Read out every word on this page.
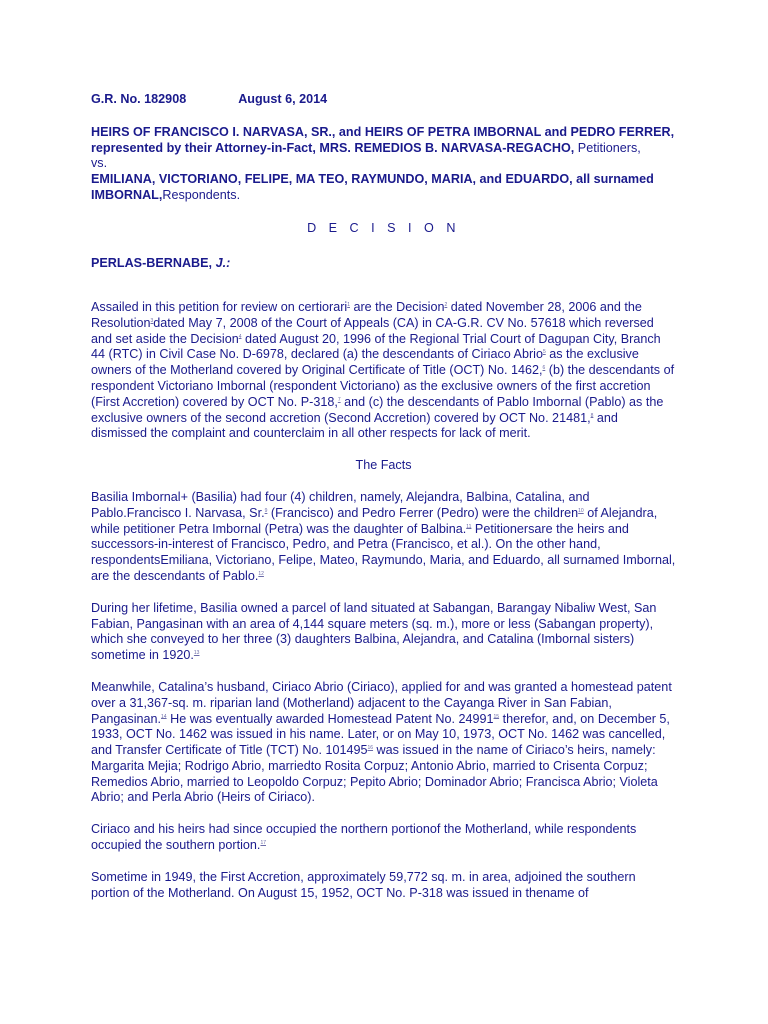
G.R. No. 182908	August 6, 2014

HEIRS OF FRANCISCO I. NARVASA, SR., and HEIRS OF PETRA IMBORNAL and PEDRO FERRER, represented by their Attorney-in-Fact, MRS. REMEDIOS B. NARVASA-REGACHO, Petitioners,

vs.

EMILIANA, VICTORIANO, FELIPE, MA TEO, RAYMUNDO, MARIA, and EDUARDO, all surnamed IMBORNAL,Respondents.

D E C I S I O N

PERLAS-BERNABE, J.:

Assailed in this petition for review on certiorari$^1$ are the Decision$^2$ dated November 28, 2006 and the Resolution$^3$dated May 7, 2008 of the Court of Appeals (CA) in CA-G.R. CV No. 57618 which reversed and set aside the Decision$^4$ dated August 20, 1996 of the Regional Trial Court of Dagupan City, Branch 44 (RTC) in Civil Case No. D-6978, declared (a) the descendants of Ciriaco Abrio$^5$ as the exclusive owners of the Motherland covered by Original Certificate of Title (OCT) No. 1462,$^6$ (b) the descendants of respondent Victoriano Imbornal (respondent Victoriano) as the exclusive owners of the first accretion (First Accretion) covered by OCT No. P-318,$^7$ and (c) the descendants of Pablo Imbornal (Pablo) as the exclusive owners of the second accretion (Second Accretion) covered by OCT No. 21481,$^8$ and dismissed the complaint and counterclaim in all other respects for lack of merit.

The Facts

Basilia Imbornal+ (Basilia) had four (4) children, namely, Alejandra, Balbina, Catalina, and Pablo.Francisco I. Narvasa, Sr.$^9$ (Francisco) and Pedro Ferrer (Pedro) were the children$^{10}$ of Alejandra, while petitioner Petra Imbornal (Petra) was the daughter of Balbina.$^{11}$ Petitionersare the heirs and successors-in-interest of Francisco, Pedro, and Petra (Francisco, et al.). On the other hand, respondentsEmiliana, Victoriano, Felipe, Mateo, Raymundo, Maria, and Eduardo, all surnamed Imbornal, are the descendants of Pablo.$^{12}$

During her lifetime, Basilia owned a parcel of land situated at Sabangan, Barangay Nibaliw West, San Fabian, Pangasinan with an area of 4,144 square meters (sq. m.), more or less (Sabangan property), which she conveyed to her three (3) daughters Balbina, Alejandra, and Catalina (Imbornal sisters) sometime in 1920.13

Meanwhile, Catalina’s husband, Ciriaco Abrio (Ciriaco), applied for and was granted a homestead patent over a 31,367-sq. m. riparian land (Motherland) adjacent to the Cayanga River in San Fabian, Pangasinan.$^{14}$ He was eventually awarded Homestead Patent No. 24991$^{15}$ therefor, and, on December 5, 1933, OCT No. 1462 was issued in his name. Later, or on May 10, 1973, OCT No. 1462 was cancelled, and Transfer Certificate of Title (TCT) No. 101495$^{16}$ was issued in the name of Ciriaco’s heirs, namely: Margarita Mejia; Rodrigo Abrio, marriedto Rosita Corpuz; Antonio Abrio, married to Crisenta Corpuz; Remedios Abrio, married to Leopoldo Corpuz; Pepito Abrio; Dominador Abrio; Francisca Abrio; Violeta Abrio; and Perla Abrio (Heirs of Ciriaco).

Ciriaco and his heirs had since occupied the northern portionof the Motherland, while respondents occupied the southern portion.$^{17}$

Sometime in 1949, the First Accretion, approximately 59,772 sq. m. in area, adjoined the southern portion of the Motherland. On August 15, 1952, OCT No. P-318 was issued in thename of
